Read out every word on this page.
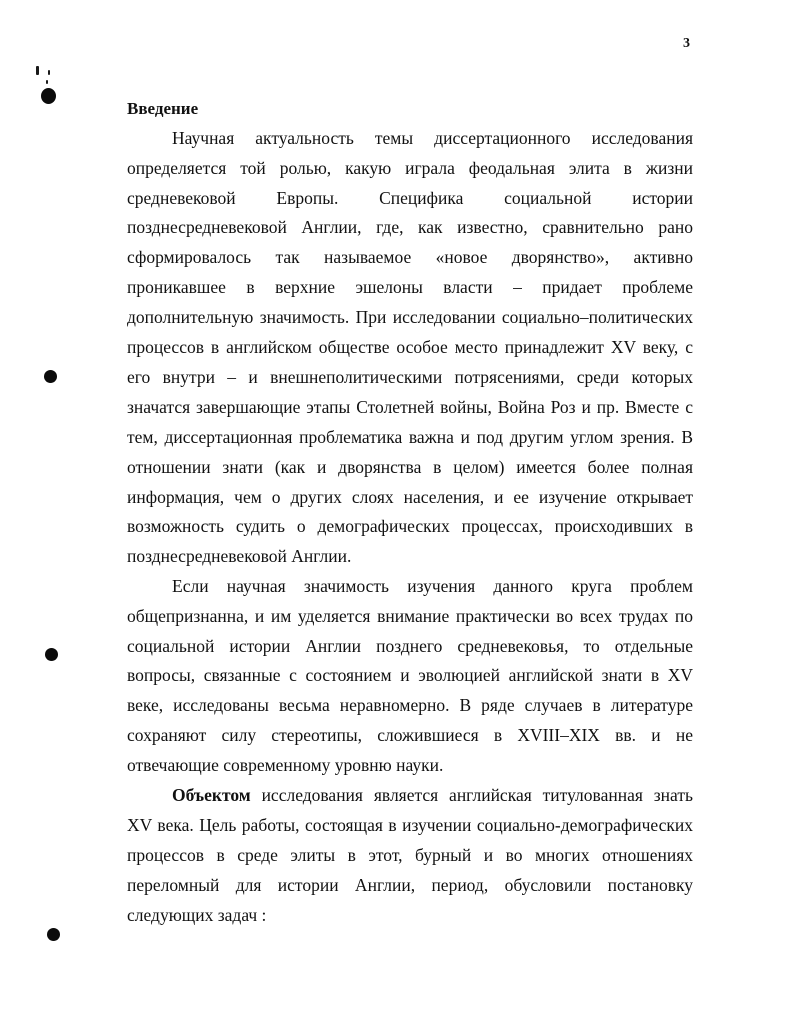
3
Введение
Научная актуальность темы диссертационного исследования
определяется той ролью, какую играла феодальная элита в жизни
средневековой Европы. Специфика социальной истории
позднесредневековой Англии, где, как известно, сравнительно рано
сформировалось так называемое «новое дворянство», активно
проникавшее в верхние эшелоны власти – придает проблеме
дополнительную значимость. При исследовании социально–политических
процессов в английском обществе особое место принадлежит XV веку, с
его внутри – и внешнеполитическими потрясениями, среди которых
значатся завершающие этапы Столетней войны, Война Роз и пр. Вместе с
тем, диссертационная проблематика важна и под другим углом зрения. В
отношении знати (как и дворянства в целом) имеется более полная
информация, чем о других слоях населения, и ее изучение открывает
возможность судить о демографических процессах, происходивших в
позднесредневековой Англии.
Если научная значимость изучения данного круга проблем
общепризнанна, и им уделяется внимание практически во всех трудах по
социальной истории Англии позднего средневековья, то отдельные
вопросы, связанные с состоянием и эволюцией английской знати в XV
веке, исследованы весьма неравномерно. В ряде случаев в литературе
сохраняют силу стереотипы, сложившиеся в XVIII–XIX вв. и не
отвечающие современному уровню науки.
Объектом исследования является английская титулованная знать
XV века. Цель работы, состоящая в изучении социально-демографических
процессов в среде элиты в этот, бурный и во многих отношениях
переломный для истории Англии, период, обусловили постановку
следующих задач :
